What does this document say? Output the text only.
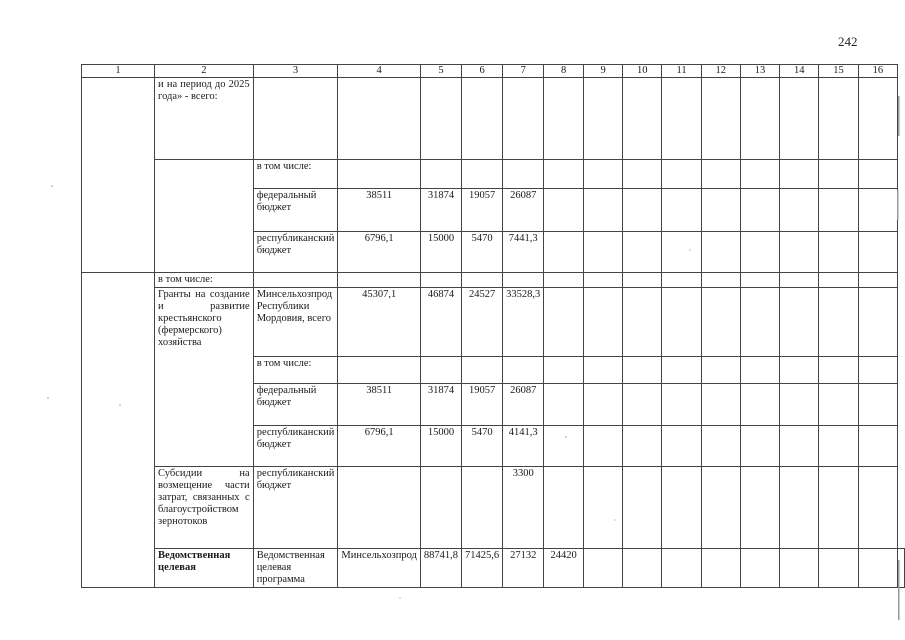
242
1	2	3	4	5	6	7	8	9	10	11	12	13	14	15	16	
	и на период до 2025 года» - всего:															
		в том числе:														
		федеральный бюджет	38511	31874	19057	26087										
		республиканский бюджет	6796,1	15000	5470	7441,3										
	в том числе:															
	Гранты на создание и развитие крестьянского (фермерского) хозяйства	Минсельхозпрод Республики Мордовия, всего	45307,1	46874	24527	33528,3										
		в том числе:														
		федеральный бюджет	38511	31874	19057	26087										
		республиканский бюджет	6796,1	15000	5470	4141,3										
	Субсидии на возмещение части затрат, связанных с благоустройством зернотоков	республиканский бюджет				3300										
	Ведомственная целевая	Ведомственная целевая программа	Минсельхозпрод	88741,8	71425,6	27132	24420									
